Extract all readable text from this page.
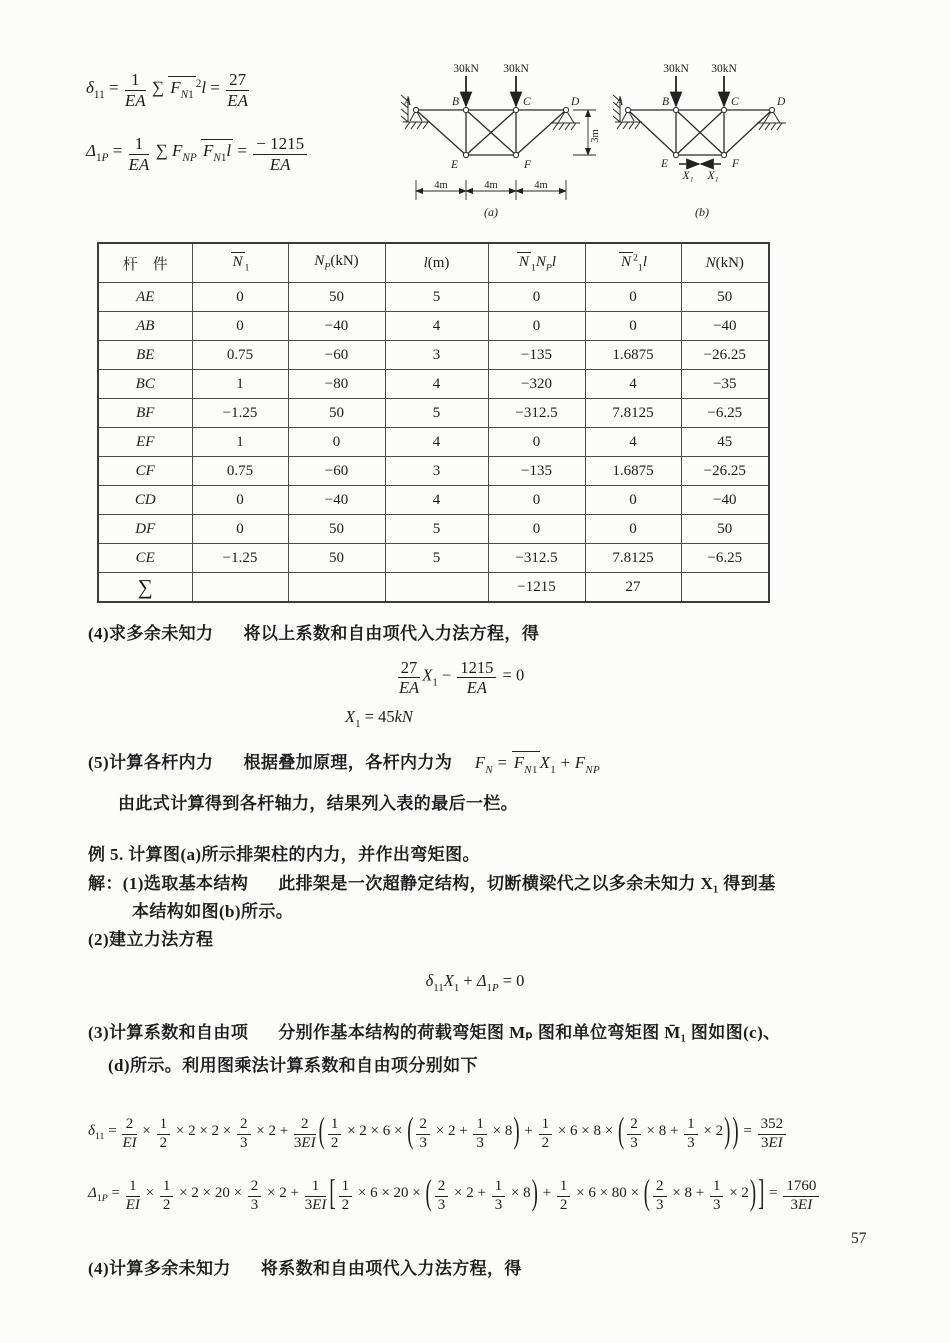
$\delta_{11} = \frac{1}{EA}$ ∑ $F_{N1}^2l = \frac{27}{EA}$
$\Delta_{1P} = \frac{1}{EA}$ ∑ $F_{NP}$ $F_{N1}l = \frac{- 1215}{EA}$
30kN 30kN
A	B	C	D
E	F
4m	4m	4m
3m
(a)
30kN 30kN
X₁ X₁
A	B	C	D
E	F
(b)
杆　件	N $_1$	$N_P(kN)$	l(m)	N $_1N_Pl$	N $^2_1$l	N(kN)
AE	0	50	5	0	0	50
AB	0	−40	4	0	0	−40
BE	0.75	−60	3	−135	1.6875	−26.25
BC	1	−80	4	−320	4	−35
BF	−1.25	50	5	−312.5	7.8125	−6.25
EF	1	0	4	0	4	45
CF	0.75	−60	3	−135	1.6875	−26.25
CD	0	−40	4	0	0	−40
DF	0	50	5	0	0	50
CE	−1.25	50	5	−312.5	7.8125	−6.25
∑				−1215	27	

(4)求多余未知力 将以上系数和自由项代入力法方程，得

$\frac{27}{EA} X_1 - \frac{1215}{EA} = 0$
$X_1 = 45kN$

(5)计算各杆内力 根据叠加原理，各杆内力为 $F_N = F_{N1}$ $X_1 + F_{NP}$

由此式计算得到各杆轴力，结果列入表的最后一栏。

例 5. 计算图(a)所示排架柱的内力，并作出弯矩图。

解：(1)选取基本结构 此排架是一次超静定结构，切断横梁代之以多余未知力 X₁ 得到基

本结构如图(b)所示。

(2)建立力法方程

$\delta_{11}X_1 + \Delta_{1P} = 0$

(3)计算系数和自由项 分别作基本结构的荷载弯矩图 Mₚ 图和单位弯矩图 M̄₁ 图如图(c)、

(d)所示。利用图乘法计算系数和自由项分别如下

$\delta_{11} = \frac{2}{EI} \times \frac{1}{2} \times 2 \times 2 \times \frac{2}{3} \times 2 + \frac{2}{3EI}$ ( $\frac{1}{2} \times 2 \times 6$ × ( $\frac{2}{3} \times 2 + \frac{1}{3} \times 8) + \frac{1}{2} \times 6 \times 8$ × ( $\frac{2}{3} \times 8 + \frac{1}{3} \times 2$) ) = $\frac{352}{3EI}$
$\Delta_{1P} = \frac{1}{EI} \times \frac{1}{2} \times 2 \times 20 \times \frac{2}{3} \times 2 + \frac{1}{3EI}$ [ $\frac{1}{2} \times 6 \times 20$ × ( $\frac{2}{3} \times 2 + \frac{1}{3} \times 8) + \frac{1}{2} \times 6 \times 80$ × ( $\frac{2}{3} \times 8 + \frac{1}{3} \times 2$) ] = $\frac{1760}{3EI}$

(4)计算多余未知力 将系数和自由项代入力法方程，得

57
